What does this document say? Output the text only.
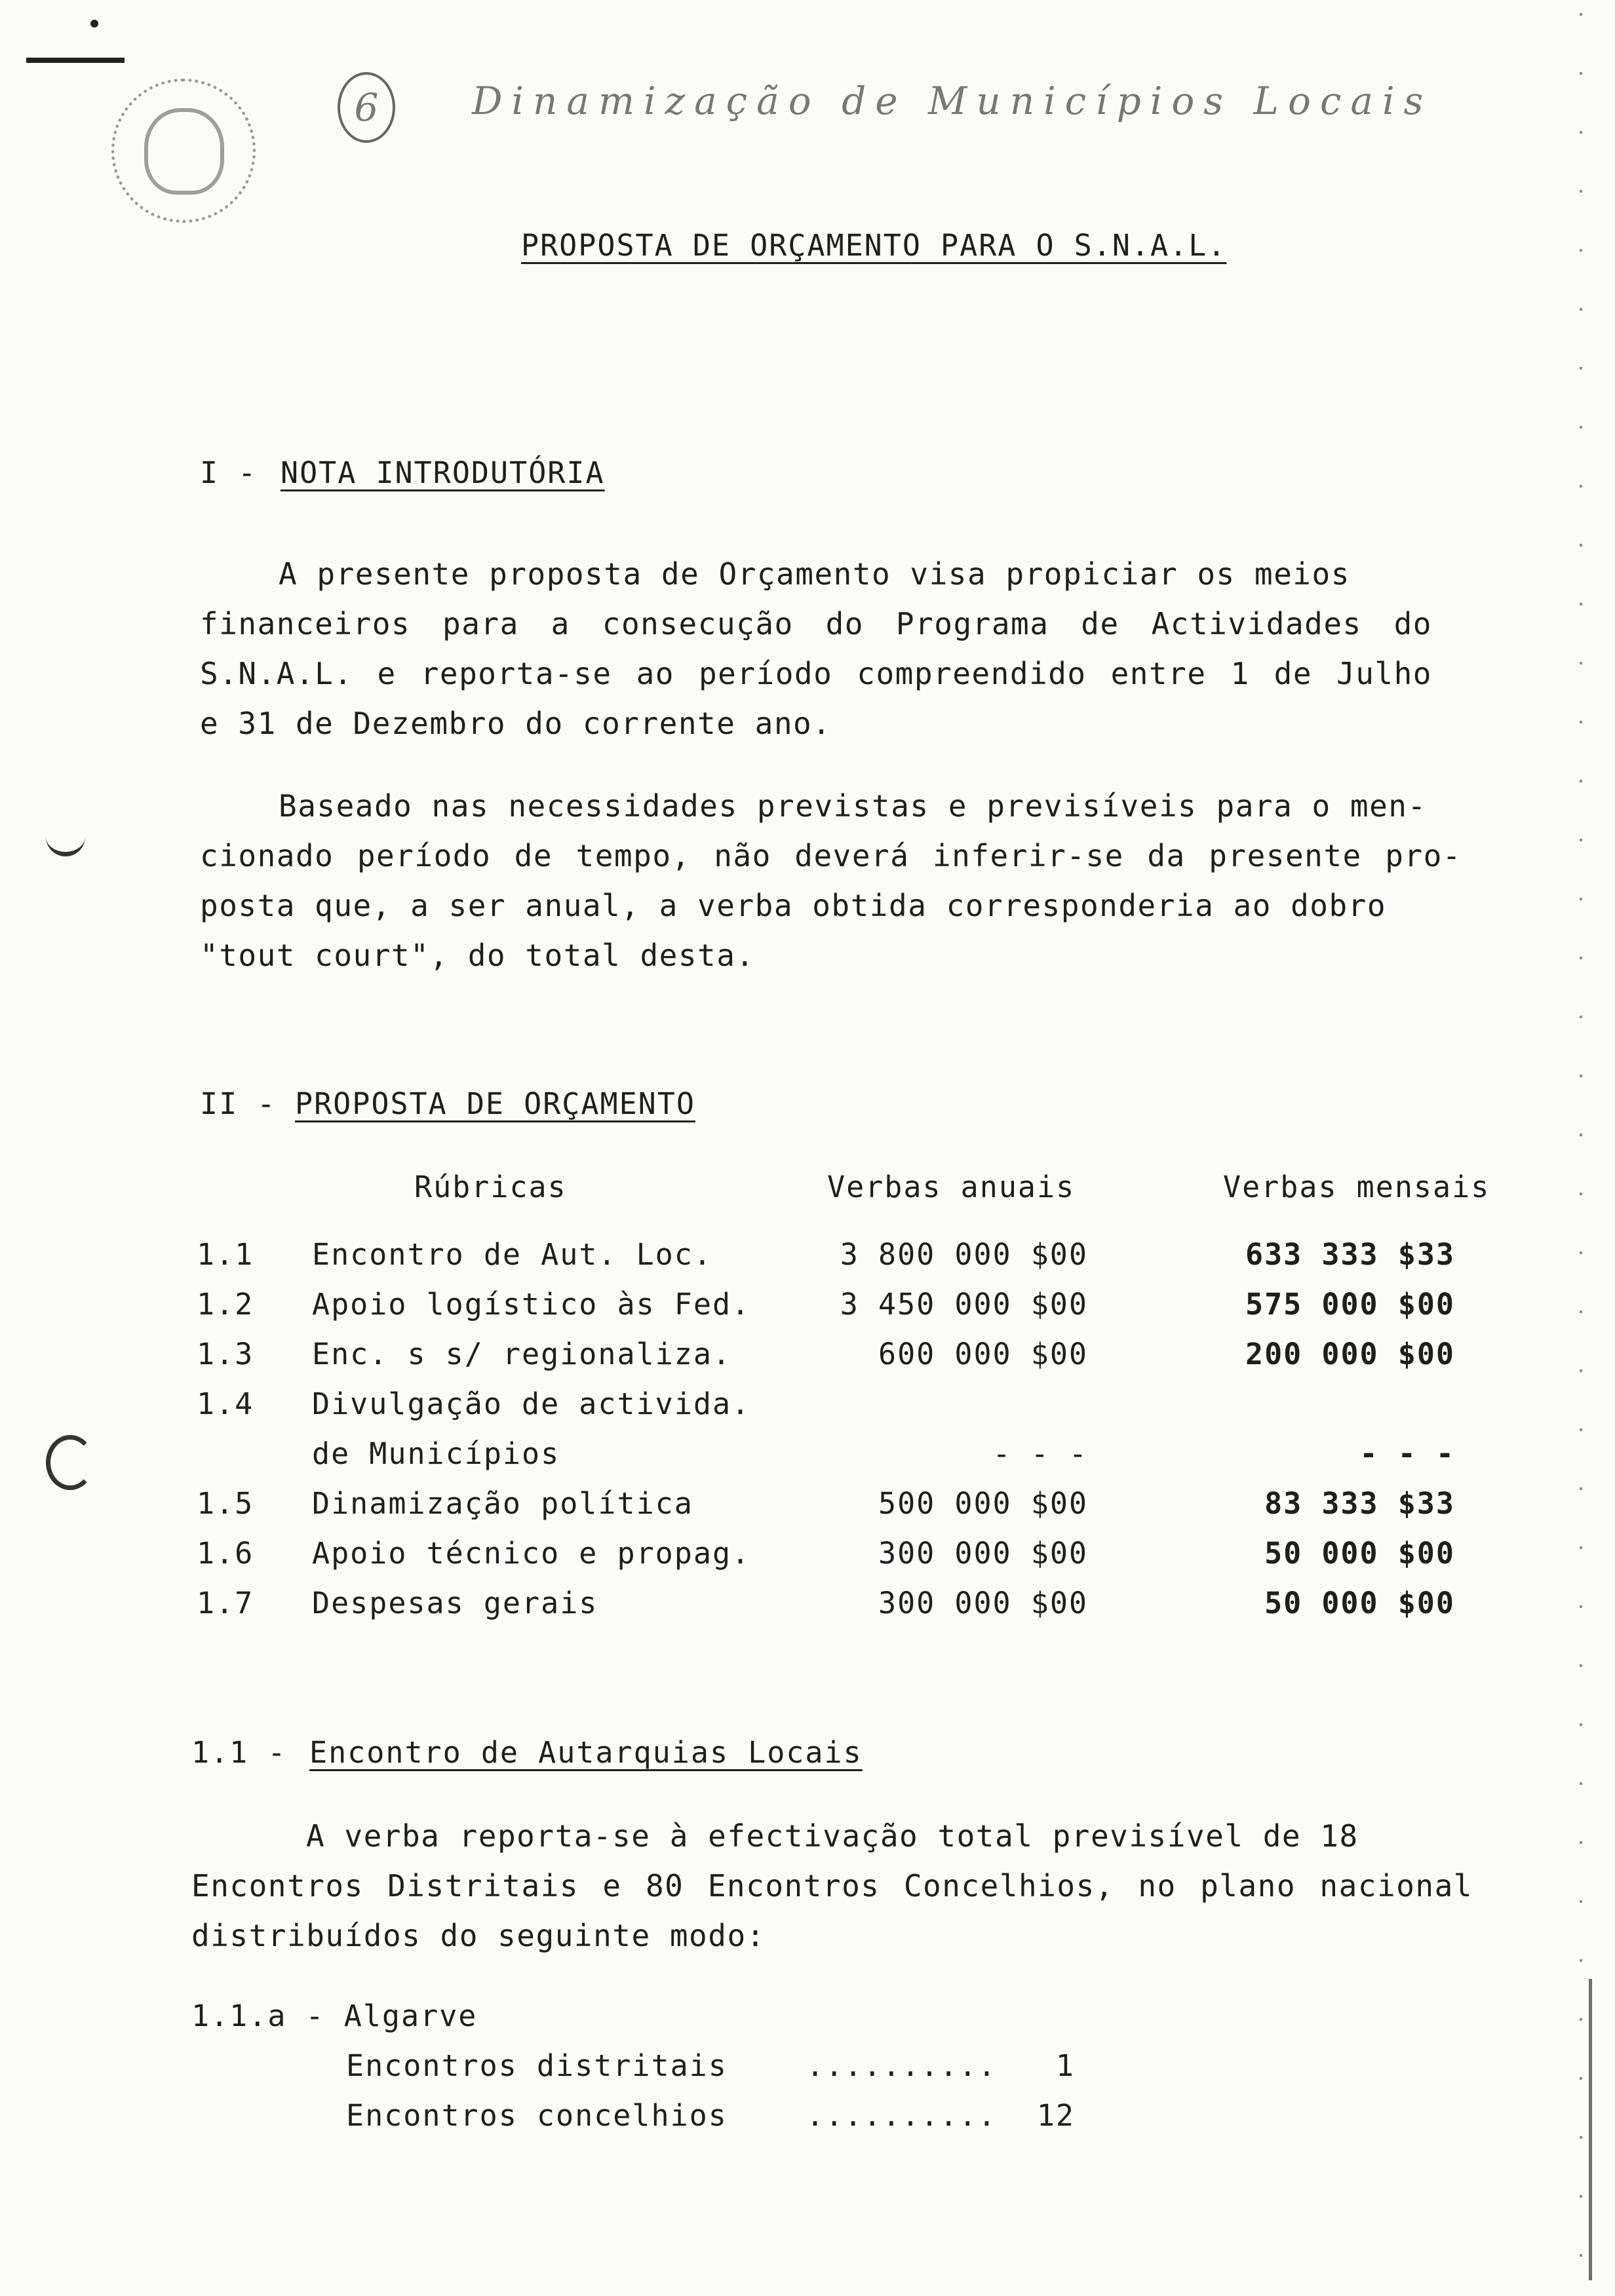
6	Dinamização de Municípios Locais
PROPOSTA DE ORÇAMENTO PARA O S.N.A.L.
I - NOTA INTRODUTÓRIA
A presente proposta de Orçamento visa propiciar os meios
financeiros para a consecução do Programa de Actividades do
S.N.A.L. e reporta-se ao período compreendido entre 1 de Julho
e 31 de Dezembro do corrente ano.
Baseado nas necessidades previstas e previsíveis para o men-
cionado período de tempo, não deverá inferir-se da presente pro-
posta que, a ser anual, a verba obtida corresponderia ao dobro
"tout court", do total desta.
II - PROPOSTA DE ORÇAMENTO
Rúbricas	Verbas anuais	Verbas mensais
1.1 Encontro de Aut. Loc.	3 800 000 $00	633 333 $33
1.2 Apoio logístico às Fed.	3 450 000 $00	575 000 $00
1.3 Enc. s s/ regionaliza.	600 000 $00	200 000 $00
1.4 Divulgação de activida.
de Municípios	- - -	- - -
1.5 Dinamização política	500 000 $00	83 333 $33
1.6 Apoio técnico e propag.	300 000 $00	50 000 $00
1.7 Despesas gerais	300 000 $00	50 000 $00
1.1 - Encontro de Autarquias Locais
A verba reporta-se à efectivação total previsível de 18
Encontros Distritais e 80 Encontros Concelhios, no plano nacional
distribuídos do seguinte modo:
1.1.a - Algarve
Encontros distritais	..........	1
Encontros concelhios	..........	12
